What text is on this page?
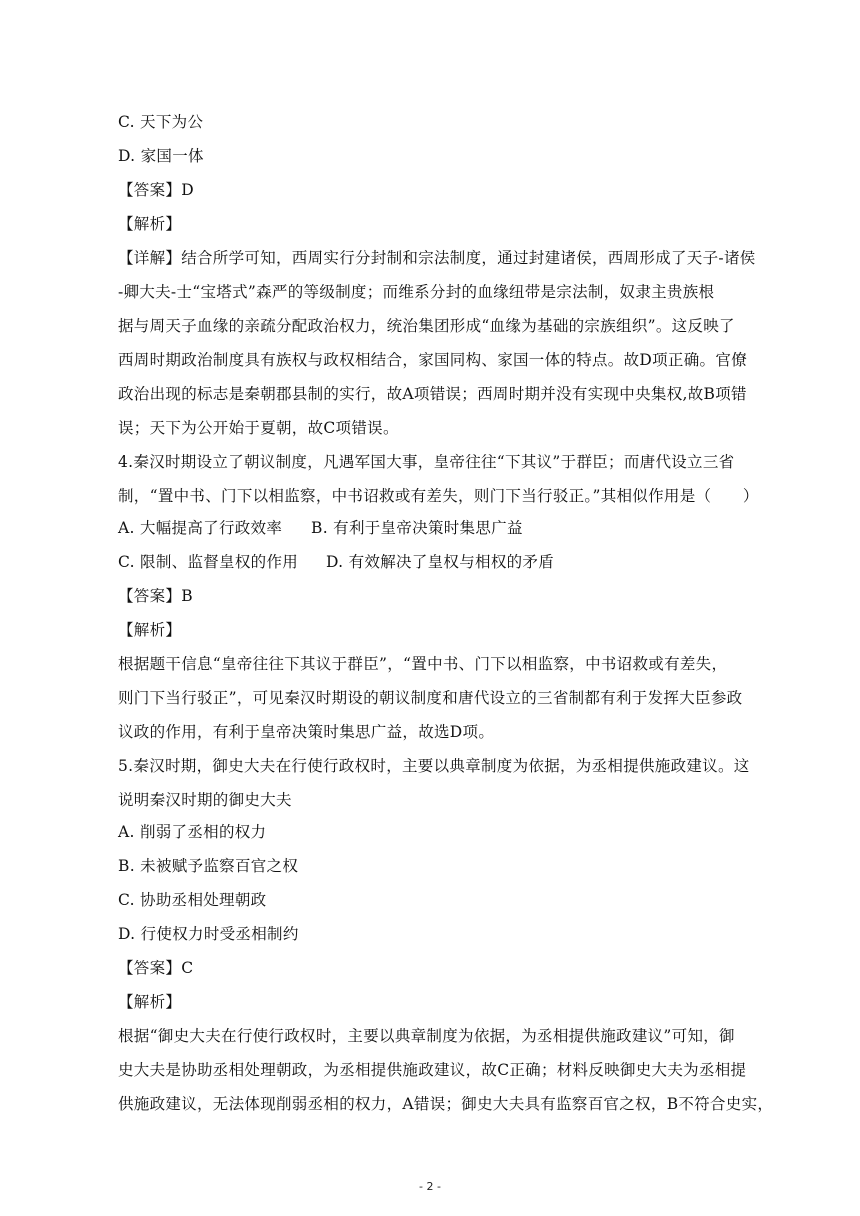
C. 天下为公
D. 家国一体
【答案】D
【解析】
【详解】结合所学可知，西周实行分封制和宗法制度，通过封建诸侯，西周形成了天子-诸侯
-卿大夫-士“宝塔式”森严的等级制度；而维系分封的血缘纽带是宗法制，奴隶主贵族根
据与周天子血缘的亲疏分配政治权力，统治集团形成“血缘为基础的宗族组织”。这反映了
西周时期政治制度具有族权与政权相结合，家国同构、家国一体的特点。故D项正确。官僚
政治出现的标志是秦朝郡县制的实行，故A项错误；西周时期并没有实现中央集权,故B项错
误；天下为公开始于夏朝，故C项错误。
4.秦汉时期设立了朝议制度，凡遇军国大事，皇帝往往“下其议”于群臣；而唐代设立三省
制，“置中书、门下以相监察，中书诏救或有差失，则门下当行驳正。”其相似作用是（　　）
A. 大幅提高了行政效率 B. 有利于皇帝决策时集思广益
C. 限制、监督皇权的作用 D. 有效解决了皇权与相权的矛盾
【答案】B
【解析】
根据题干信息“皇帝往往下其议于群臣”，“置中书、门下以相监察，中书诏救或有差失，
则门下当行驳正”，可见秦汉时期设的朝议制度和唐代设立的三省制都有利于发挥大臣参政
议政的作用，有利于皇帝决策时集思广益，故选D项。
5.秦汉时期，御史大夫在行使行政权时，主要以典章制度为依据，为丞相提供施政建议。这
说明秦汉时期的御史大夫
A. 削弱了丞相的权力
B. 未被赋予监察百官之权
C. 协助丞相处理朝政
D. 行使权力时受丞相制约
【答案】C
【解析】
根据“御史大夫在行使行政权时，主要以典章制度为依据，为丞相提供施政建议”可知，御
史大夫是协助丞相处理朝政，为丞相提供施政建议，故C正确；材料反映御史大夫为丞相提
供施政建议，无法体现削弱丞相的权力，A错误；御史大夫具有监察百官之权，B不符合史实，
- 2 -
